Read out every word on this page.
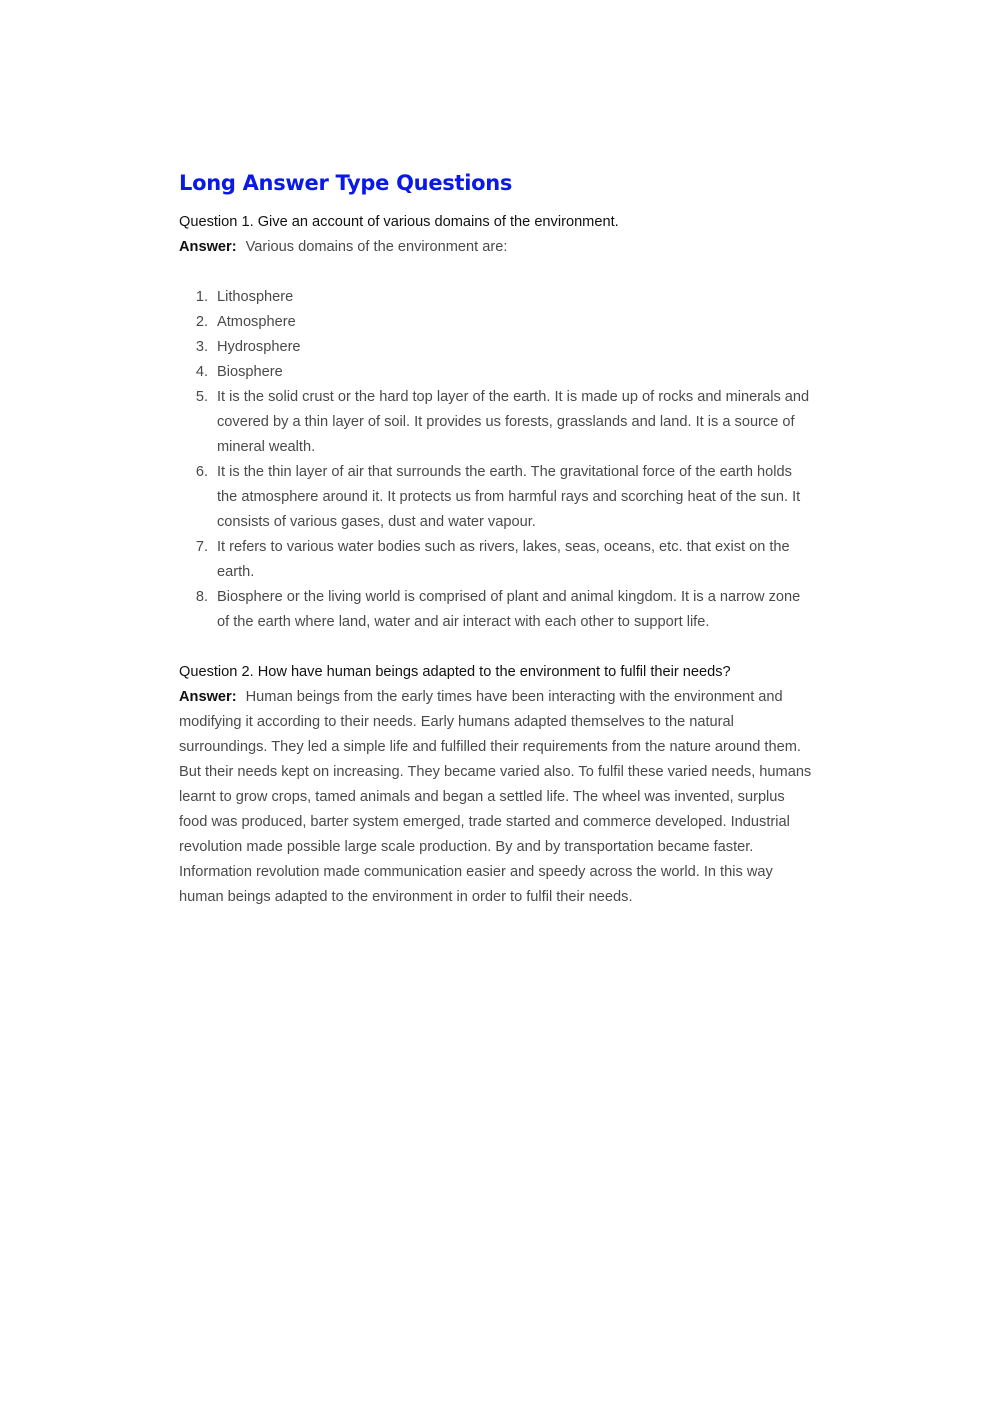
Long Answer Type Questions

Question 1. Give an account of various domains of the environment.

Answer: Various domains of the environment are:

1. Lithosphere
2. Atmosphere
3. Hydrosphere
4. Biosphere
5. It is the solid crust or the hard top layer of the earth. It is made up of rocks and minerals and covered by a thin layer of soil. It provides us forests, grasslands and land. It is a source of mineral wealth.
6. It is the thin layer of air that surrounds the earth. The gravitational force of the earth holds the atmosphere around it. It protects us from harmful rays and scorching heat of the sun. It consists of various gases, dust and water vapour.
7. It refers to various water bodies such as rivers, lakes, seas, oceans, etc. that exist on the earth.
8. Biosphere or the living world is comprised of plant and animal kingdom. It is a narrow zone of the earth where land, water and air interact with each other to support life.

Question 2. How have human beings adapted to the environment to fulfil their needs?

Answer: Human beings from the early times have been interacting with the environment and modifying it according to their needs. Early humans adapted themselves to the natural surroundings. They led a simple life and fulfilled their requirements from the nature around them. But their needs kept on increasing. They became varied also. To fulfil these varied needs, humans learnt to grow crops, tamed animals and began a settled life. The wheel was invented, surplus food was produced, barter system emerged, trade started and commerce developed. Industrial revolution made possible large scale production. By and by transportation became faster. Information revolution made communication easier and speedy across the world. In this way human beings adapted to the environment in order to fulfil their needs.
